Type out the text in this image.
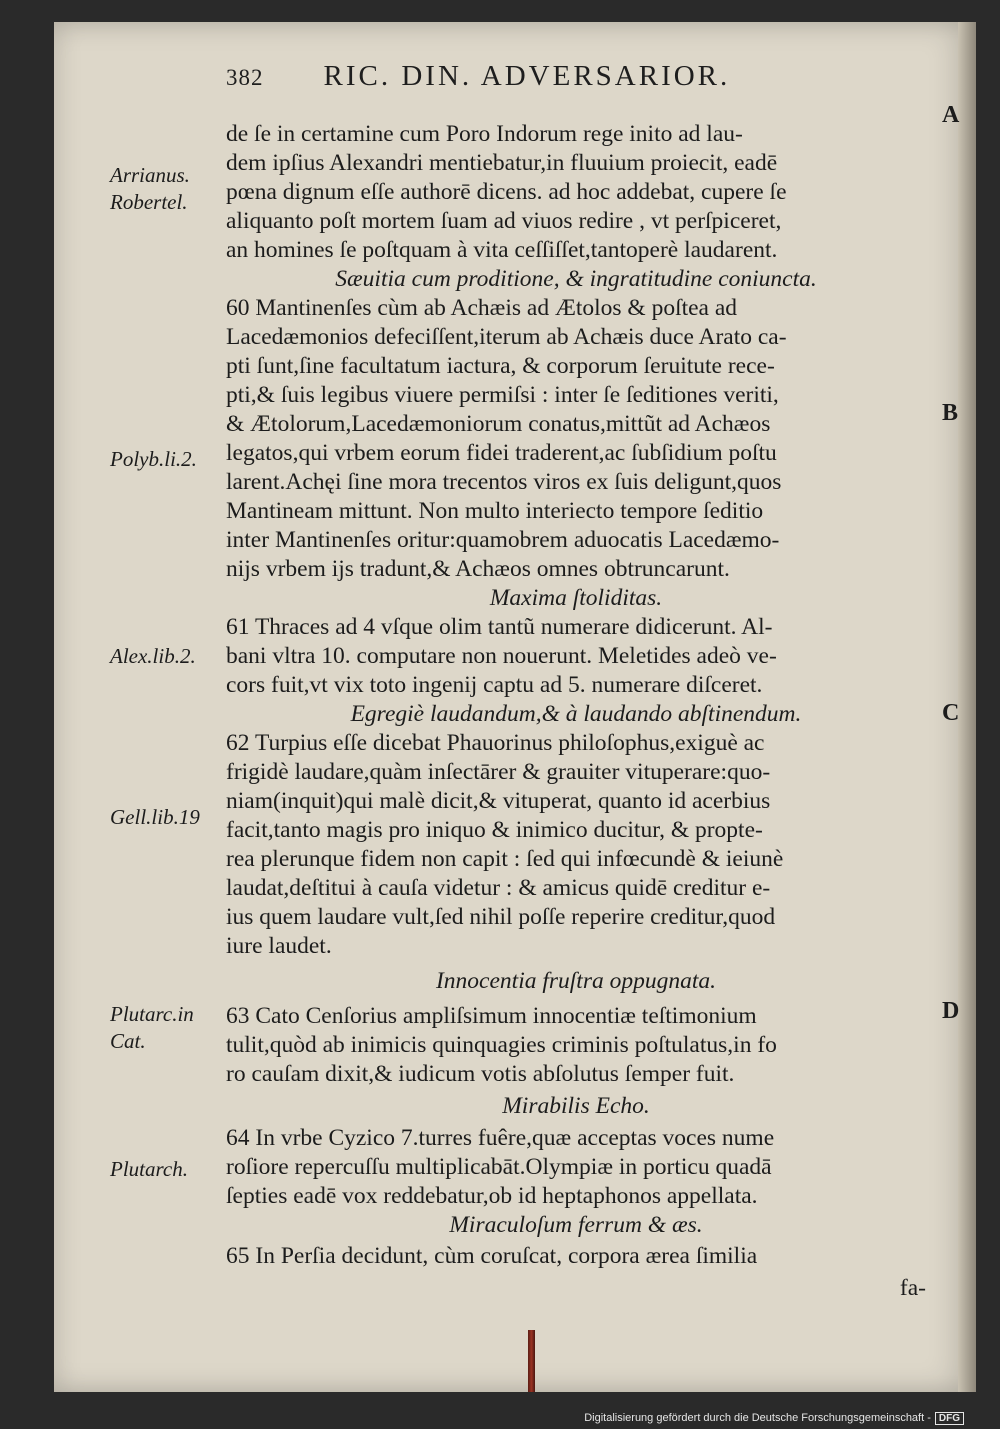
382 RIC. DIN. ADVERSARIOR.
de ſe in certamine cum Poro Indorum rege inito ad lau-
dem ipſius Alexandri mentiebatur,in fluuium proiecit, eadē
pœna dignum eſſe authorē dicens. ad hoc addebat, cupere ſe
aliquanto poſt mortem ſuam ad viuos redire , vt perſpiceret,
an homines ſe poſtquam à vita ceſſiſſet,tantoperè laudarent.
Sæuitia cum proditione, & ingratitudine coniuncta.
60 Mantinenſes cùm ab Achæis ad Ætolos & poſtea ad
Lacedæmonios defeciſſent,iterum ab Achæis duce Arato ca-
pti ſunt,ſine facultatum iactura, & corporum ſeruitute rece-
pti,& ſuis legibus viuere permiſsi : inter ſe ſeditiones veriti,
& Ætolorum,Lacedæmoniorum conatus,mittũt ad Achæos
legatos,qui vrbem eorum fidei traderent,ac ſubſidium poſtu
larent.Achęi ſine mora trecentos viros ex ſuis deligunt,quos
Mantineam mittunt. Non multo interiecto tempore ſeditio
inter Mantinenſes oritur:quamobrem aduocatis Lacedæmo-
nijs vrbem ijs tradunt,& Achæos omnes obtruncarunt.
Maxima ſtoliditas.
61 Thraces ad 4 vſque olim tantũ numerare didicerunt. Al-
bani vltra 10. computare non nouerunt. Meletides adeò ve-
cors fuit,vt vix toto ingenij captu ad 5. numerare diſceret.
Egregiè laudandum,& à laudando abſtinendum.
62 Turpius eſſe dicebat Phauorinus philoſophus,exiguè ac
frigidè laudare,quàm inſectārer & grauiter vituperare:quo-
niam(inquit)qui malè dicit,& vituperat, quanto id acerbius
facit,tanto magis pro iniquo & inimico ducitur, & propte-
rea plerunque fidem non capit : ſed qui infœcundè & ieiunè
laudat,deſtitui à cauſa videtur : & amicus quidē creditur e-
ius quem laudare vult,ſed nihil poſſe reperire creditur,quod
iure laudet.
Innocentia fruſtra oppugnata.
63 Cato Cenſorius ampliſsimum innocentiæ teſtimonium
tulit,quòd ab inimicis quinquagies criminis poſtulatus,in fo
ro cauſam dixit,& iudicum votis abſolutus ſemper fuit.
Mirabilis Echo.
64 In vrbe Cyzico 7.turres fuêre,quæ acceptas voces nume
roſiore repercuſſu multiplicabāt.Olympiæ in porticu quadā
ſepties eadē vox reddebatur,ob id heptaphonos appellata.
Miraculoſum ferrum & æs.
65 In Perſia decidunt, cùm coruſcat, corpora æreа ſimilia
fa-
Arrianus.
Robertel.
Polyb.li.2.
Alex.lib.2.
Gell.lib.19
Plutarc.in
Cat.
Plutarch.
A
B
C
D
Digitalisierung gefördert durch die Deutsche Forschungsgemeinschaft - DFG
